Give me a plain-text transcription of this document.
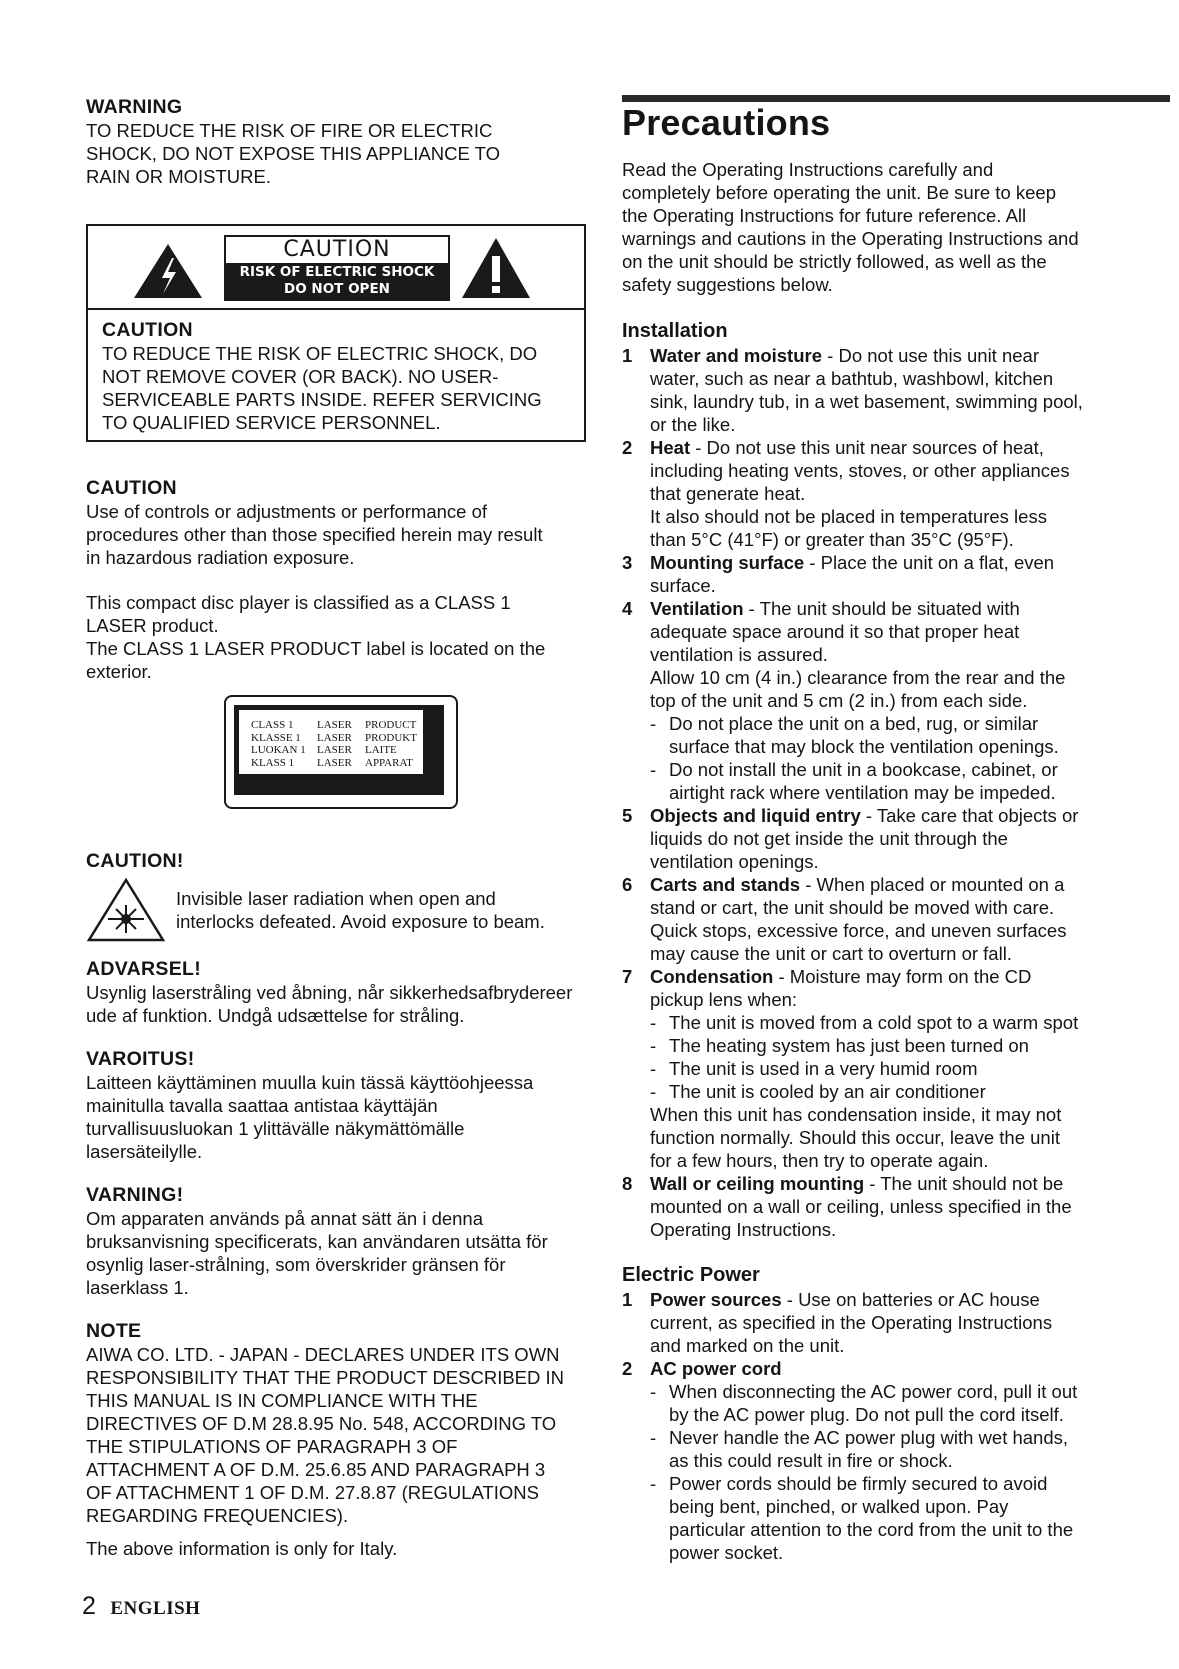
WARNING
TO REDUCE THE RISK OF FIRE OR ELECTRIC
SHOCK, DO NOT EXPOSE THIS APPLIANCE TO
RAIN OR MOISTURE.
CAUTION
RISK OF ELECTRIC SHOCK
DO NOT OPEN
CAUTION
TO REDUCE THE RISK OF ELECTRIC SHOCK, DO
NOT REMOVE COVER (OR BACK). NO USER-
SERVICEABLE PARTS INSIDE. REFER SERVICING
TO QUALIFIED SERVICE PERSONNEL.
CAUTION
Use of controls or adjustments or performance of
procedures other than those specified herein may result
in hazardous radiation exposure.
This compact disc player is classified as a CLASS 1
LASER product.
The CLASS 1 LASER PRODUCT label is located on the
exterior.
CLASS 1 LASER PRODUCT
KLASSE 1 LASER PRODUKT
LUOKAN 1 LASER LAITE
KLASS 1 LASER APPARAT
CAUTION!
Invisible laser radiation when open and
interlocks defeated. Avoid exposure to beam.
ADVARSEL!
Usynlig laserstråling ved åbning, når sikkerhedsafbrydereer
ude af funktion. Undgå udsættelse for stråling.
VAROITUS!
Laitteen käyttäminen muulla kuin tässä käyttöohjeessa
mainitulla tavalla saattaa antistaa käyttäjän
turvallisuusluokan 1 ylittävälle näkymättömälle
lasersäteilylle.
VARNING!
Om apparaten används på annat sätt än i denna
bruksanvisning specificerats, kan användaren utsätta för
osynlig laser-strålning, som överskrider gränsen för
laserklass 1.
NOTE
AIWA CO. LTD. - JAPAN - DECLARES UNDER ITS OWN
RESPONSIBILITY THAT THE PRODUCT DESCRIBED IN
THIS MANUAL IS IN COMPLIANCE WITH THE
DIRECTIVES OF D.M 28.8.95 No. 548, ACCORDING TO
THE STIPULATIONS OF PARAGRAPH 3 OF
ATTACHMENT A OF D.M. 25.6.85 AND PARAGRAPH 3
OF ATTACHMENT 1 OF D.M. 27.8.87 (REGULATIONS
REGARDING FREQUENCIES).

The above information is only for Italy.

2 ENGLISH
Precautions
Read the Operating Instructions carefully and
completely before operating the unit. Be sure to keep
the Operating Instructions for future reference. All
warnings and cautions in the Operating Instructions and
on the unit should be strictly followed, as well as the
safety suggestions below.
Installation
1 Water and moisture - Do not use this unit near
water, such as near a bathtub, washbowl, kitchen
sink, laundry tub, in a wet basement, swimming pool,
or the like.
2 Heat - Do not use this unit near sources of heat,
including heating vents, stoves, or other appliances
that generate heat.
It also should not be placed in temperatures less
than 5°C (41°F) or greater than 35°C (95°F).
3 Mounting surface - Place the unit on a flat, even
surface.
4 Ventilation - The unit should be situated with
adequate space around it so that proper heat
ventilation is assured.
Allow 10 cm (4 in.) clearance from the rear and the
top of the unit and 5 cm (2 in.) from each side.
- Do not place the unit on a bed, rug, or similar
surface that may block the ventilation openings.
- Do not install the unit in a bookcase, cabinet, or
airtight rack where ventilation may be impeded.
5 Objects and liquid entry - Take care that objects or
liquids do not get inside the unit through the
ventilation openings.
6 Carts and stands - When placed or mounted on a
stand or cart, the unit should be moved with care.
Quick stops, excessive force, and uneven surfaces
may cause the unit or cart to overturn or fall.
7 Condensation - Moisture may form on the CD
pickup lens when:
- The unit is moved from a cold spot to a warm spot
- The heating system has just been turned on
- The unit is used in a very humid room
- The unit is cooled by an air conditioner
When this unit has condensation inside, it may not
function normally. Should this occur, leave the unit
for a few hours, then try to operate again.
8 Wall or ceiling mounting - The unit should not be
mounted on a wall or ceiling, unless specified in the
Operating Instructions.
Electric Power
1 Power sources - Use on batteries or AC house
current, as specified in the Operating Instructions
and marked on the unit.
2 AC power cord
- When disconnecting the AC power cord, pull it out
by the AC power plug. Do not pull the cord itself.
- Never handle the AC power plug with wet hands,
as this could result in fire or shock.
- Power cords should be firmly secured to avoid
being bent, pinched, or walked upon. Pay
particular attention to the cord from the unit to the
power socket.
